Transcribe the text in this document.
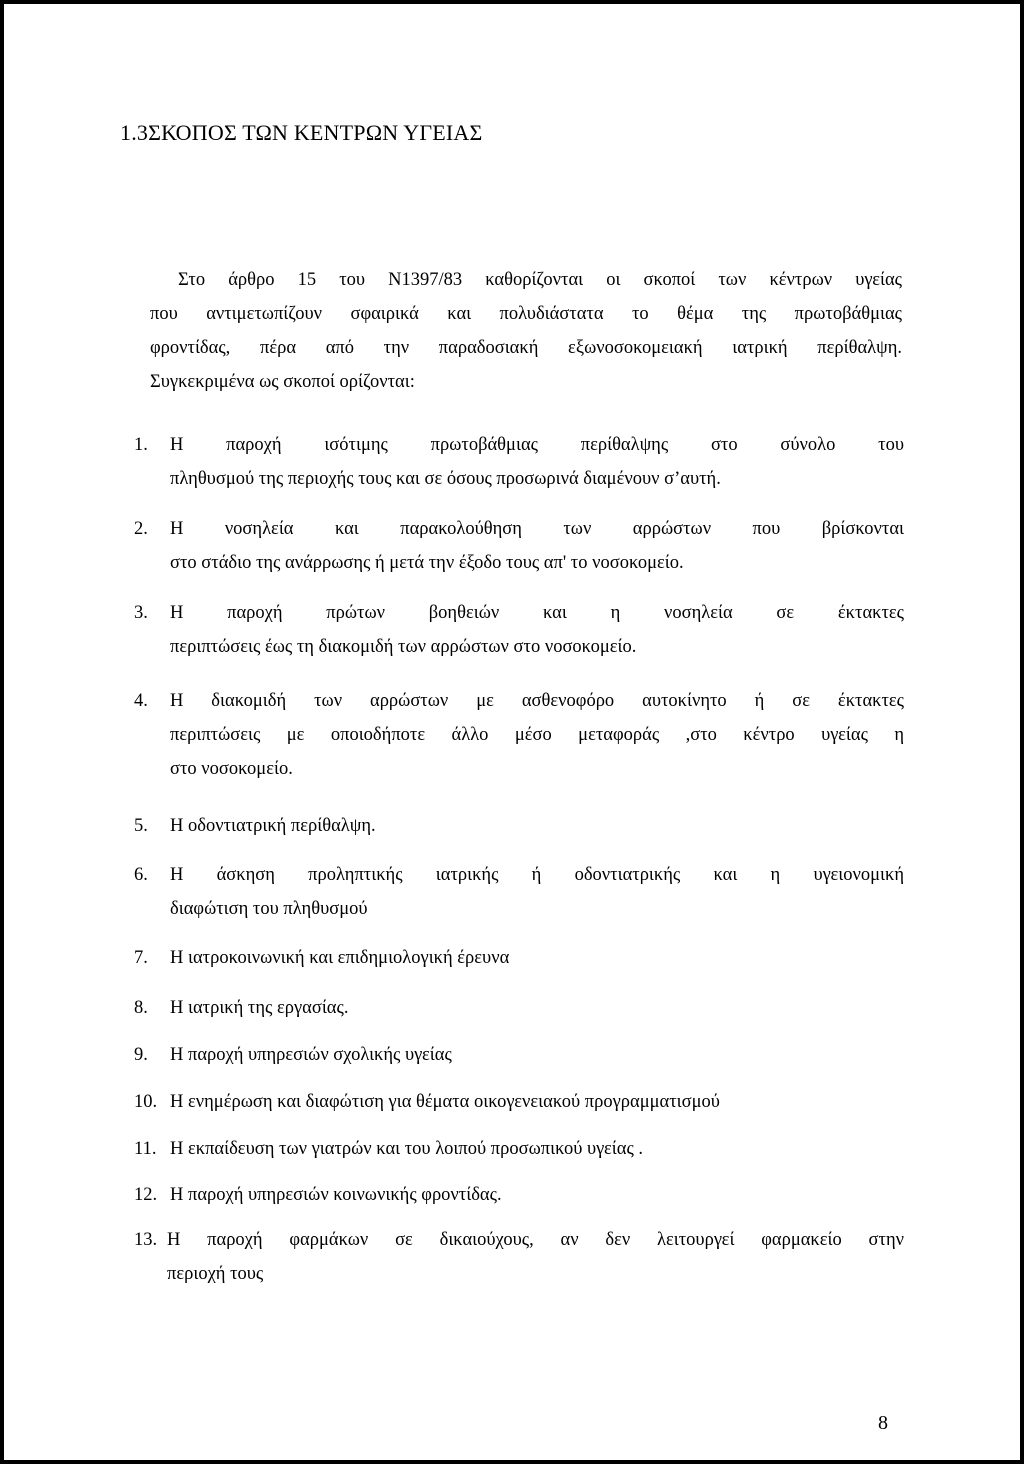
1.3ΣΚΟΠΟΣ ΤΩΝ ΚΕΝΤΡΩΝ ΥΓΕΙΑΣ
Στο άρθρο 15 του Ν1397/83 καθορίζονται οι σκοποί των κέντρων υγείας
που αντιμετωπίζουν σφαιρικά και πολυδιάστατα το θέμα της πρωτοβάθμιας
φροντίδας, πέρα από την παραδοσιακή εξωνοσοκομειακή ιατρική περίθαλψη.
Συγκεκριμένα ως σκοποί ορίζονται:
1. Η παροχή ισότιμης πρωτοβάθμιας περίθαλψης στο σύνολο του
πληθυσμού της περιοχής τους και σε όσους προσωρινά διαμένουν σ’αυτή.
2. Η νοσηλεία και παρακολούθηση των αρρώστων που βρίσκονται
στο στάδιο της ανάρρωσης ή μετά την έξοδο τους απ' το νοσοκομείο.
3. Η παροχή πρώτων βοηθειών και η νοσηλεία σε έκτακτες
περιπτώσεις έως τη διακομιδή των αρρώστων στο νοσοκομείο.
4. Η διακομιδή των αρρώστων με ασθενοφόρο αυτοκίνητο ή σε έκτακτες
περιπτώσεις με οποιοδήποτε άλλο μέσο μεταφοράς ,στο κέντρο υγείας η
στο νοσοκομείο.
5. Η οδοντιατρική περίθαλψη.
6. Η άσκηση προληπτικής ιατρικής ή οδοντιατρικής και η υγειονομική
διαφώτιση του πληθυσμού
7. Η ιατροκοινωνική και επιδημιολογική έρευνα
8. Η ιατρική της εργασίας.
9. Η παροχή υπηρεσιών σχολικής υγείας
10. Η ενημέρωση και διαφώτιση για θέματα οικογενειακού προγραμματισμού
11. Η εκπαίδευση των γιατρών και του λοιπού προσωπικού υγείας .
12. Η παροχή υπηρεσιών κοινωνικής φροντίδας.
13. Η παροχή φαρμάκων σε δικαιούχους, αν δεν λειτουργεί φαρμακείο στην
περιοχή τους
8
